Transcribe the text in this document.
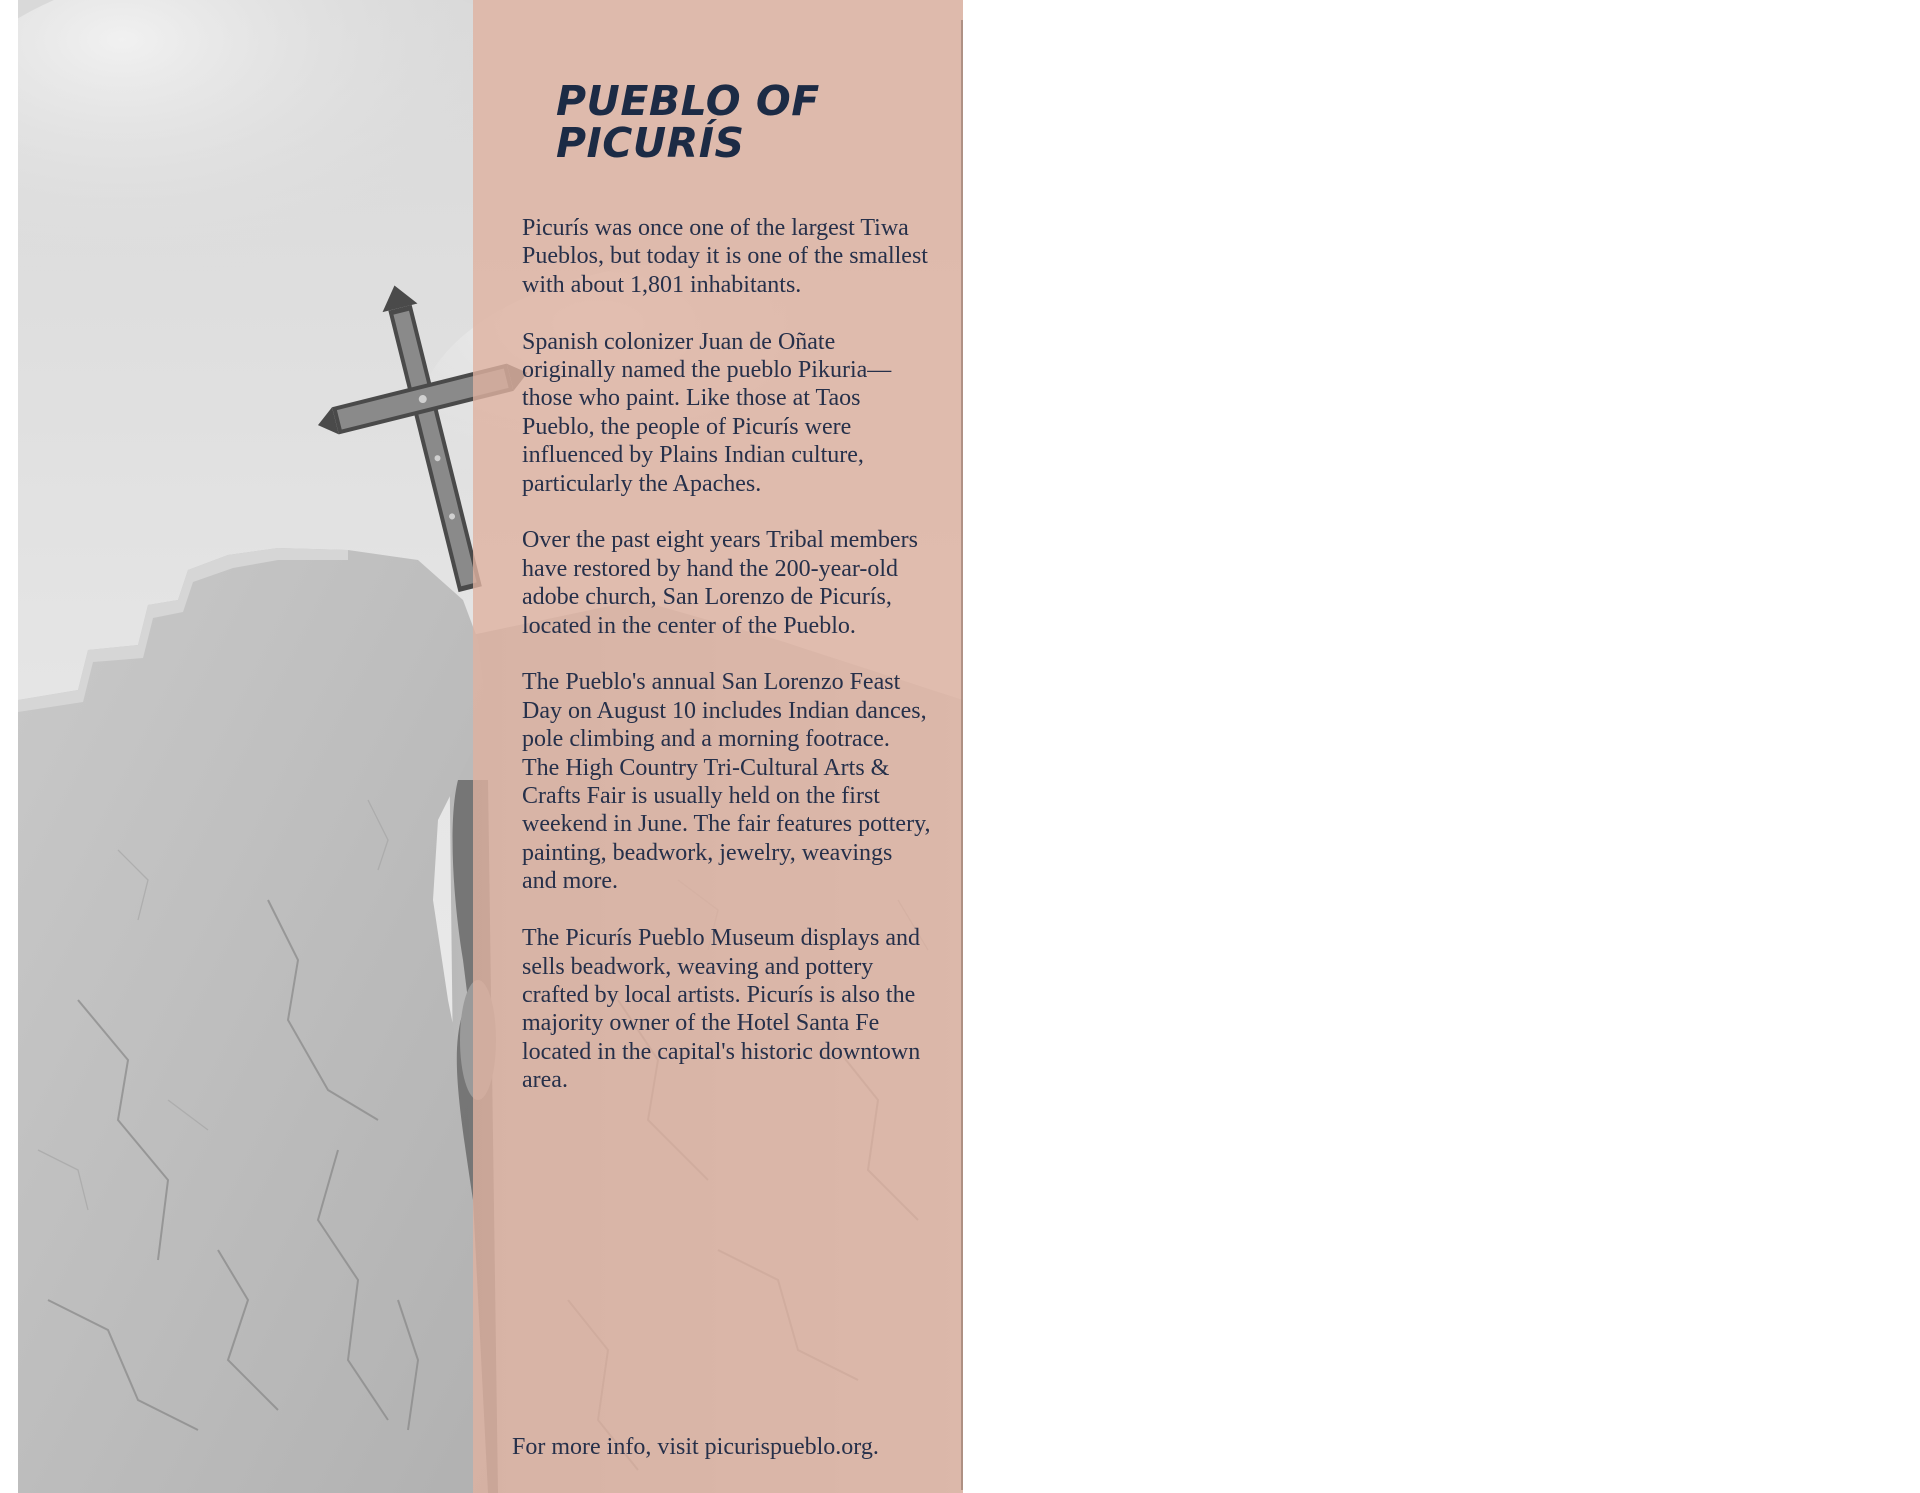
PUEBLO OF PICURÍS

Picurís was once one of the largest Tiwa Pueblos, but today it is one of the smallest with about 1,801 inhabitants.

Spanish colonizer Juan de Oñate originally named the pueblo Pikuria—those who paint. Like those at Taos Pueblo, the people of Picurís were influenced by Plains Indian culture, particularly the Apaches.

Over the past eight years Tribal members have restored by hand the 200-year-old adobe church, San Lorenzo de Picurís, located in the center of the Pueblo.

The Pueblo's annual San Lorenzo Feast Day on August 10 includes Indian dances, pole climbing and a morning footrace. The High Country Tri-Cultural Arts & Crafts Fair is usually held on the first weekend in June. The fair features pottery, painting, beadwork, jewelry, weavings and more.

The Picurís Pueblo Museum displays and sells beadwork, weaving and pottery crafted by local artists. Picurís is also the majority owner of the Hotel Santa Fe located in the capital's historic downtown area.

For more info, visit picurispueblo.org.
